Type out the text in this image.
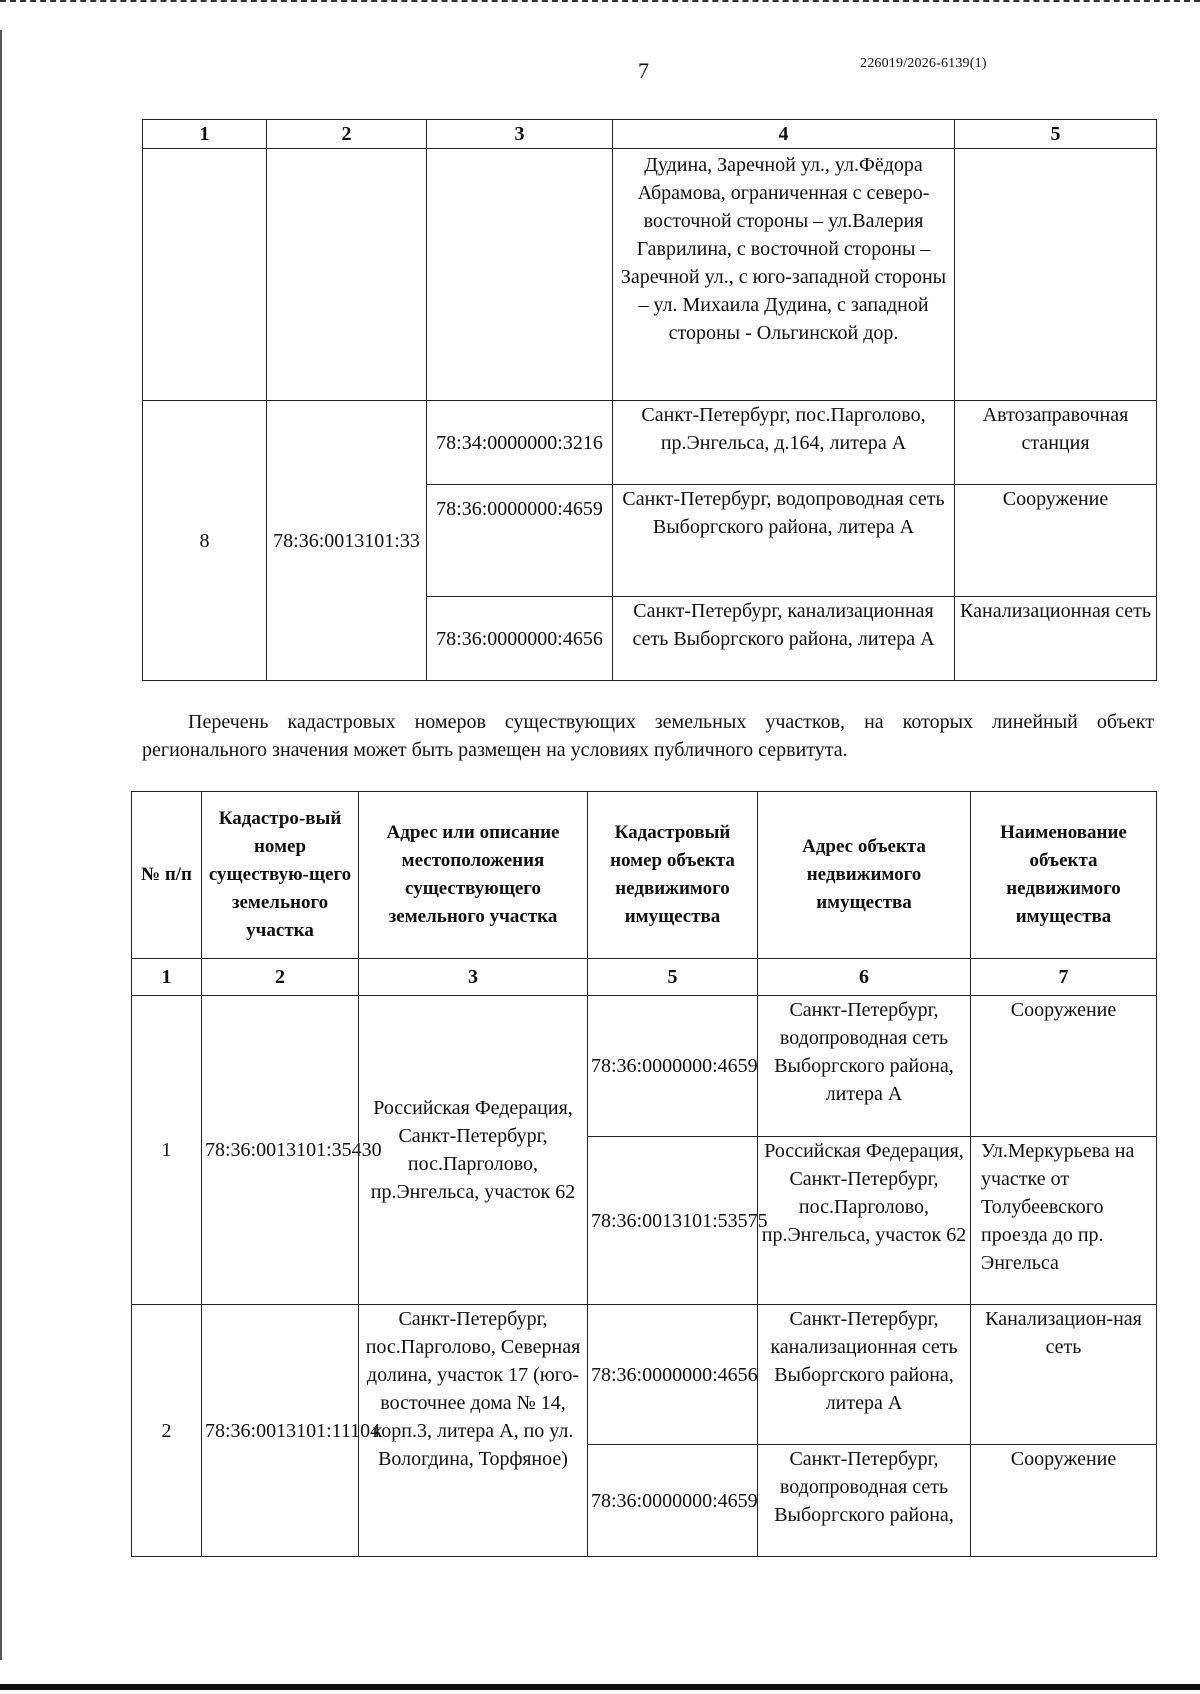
7	226019/2026-6139(1)
1	2	3	4	5
			Дудина, Заречной ул., ул.Фёдора Абрамова, ограниченная с северо-восточной стороны – ул.Валерия Гаврилина, с восточной стороны – Заречной ул., с юго-западной стороны – ул. Михаила Дудина, с западной стороны - Ольгинской дор.	
8	78:36:0013101:33	78:34:0000000:3216	Санкт-Петербург, пос.Парголово, пр.Энгельса, д.164, литера А	Автозаправочная станция
		78:36:0000000:4659	Санкт-Петербург, водопроводная сеть Выборгского района, литера А	Сооружение
		78:36:0000000:4656	Санкт-Петербург, канализационная сеть Выборгского района, литера А	Канализационная сеть
Перечень кадастровых номеров существующих земельных участков, на которых линейный объект регионального значения может быть размещен на условиях публичного сервитута.
№ п/п	Кадастро-вый номер существую-щего земельного участка	Адрес или описание местоположения существующего земельного участка	Кадастровый номер объекта недвижимого имущества	Адрес объекта недвижимого имущества	Наименование объекта недвижимого имущества
1	2	3	5	6	7
1	78:36:0013101:35430	Российская Федерация, Санкт-Петербург, пос.Парголово, пр.Энгельса, участок 62	78:36:0000000:4659	Санкт-Петербург, водопроводная сеть Выборгского района, литера А	Сооружение
			78:36:0013101:53575	Российская Федерация, Санкт-Петербург, пос.Парголово, пр.Энгельса, участок 62	Ул.Меркурьева на участке от Толубеевского проезда до пр. Энгельса
2	78:36:0013101:11104	Санкт-Петербург, пос.Парголово, Северная долина, участок 17 (юго-восточнее дома № 14, корп.3, литера А, по ул. Вологдина, Торфяное)	78:36:0000000:4656	Санкт-Петербург, канализационная сеть Выборгского района, литера А	Канализацион-ная сеть
			78:36:0000000:4659	Санкт-Петербург, водопроводная сеть Выборгского района,	Сооружение
